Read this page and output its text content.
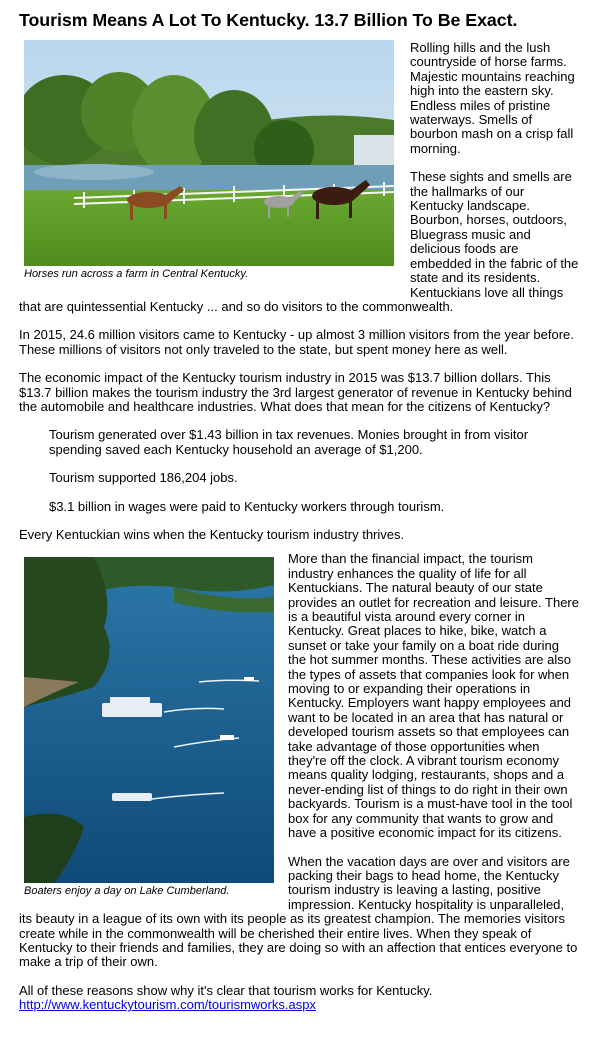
Tourism Means A Lot To Kentucky. 13.7 Billion To Be Exact.
Horses run across a farm in Central Kentucky.

Rolling hills and the lush countryside of horse farms. Majestic mountains reaching high into the eastern sky. Endless miles of pristine waterways. Smells of bourbon mash on a crisp fall morning.

These sights and smells are the hallmarks of our Kentucky landscape. Bourbon, horses, outdoors, Bluegrass music and delicious foods are embedded in the fabric of the state and its residents.

Kentuckians love all things that are quintessential Kentucky ... and so do visitors to the commonwealth.

In 2015, 24.6 million visitors came to Kentucky - up almost 3 million visitors from the year before. These millions of visitors not only traveled to the state, but spent money here as well.

The economic impact of the Kentucky tourism industry in 2015 was $13.7 billion dollars. This $13.7 billion makes the tourism industry the 3rd largest generator of revenue in Kentucky behind the automobile and healthcare industries. What does that mean for the citizens of Kentucky?

Tourism generated over $1.43 billion in tax revenues. Monies brought in from visitor spending saved each Kentucky household an average of $1,200.

Tourism supported 186,204 jobs.

$3.1 billion in wages were paid to Kentucky workers through tourism.

Every Kentuckian wins when the Kentucky tourism industry thrives.

Boaters enjoy a day on Lake Cumberland.

More than the financial impact, the tourism industry enhances the quality of life for all Kentuckians. The natural beauty of our state provides an outlet for recreation and leisure. There is a beautiful vista around every corner in Kentucky. Great places to hike, bike, watch a sunset or take your family on a boat ride during the hot summer months. These activities are also the types of assets that companies look for when moving to or expanding their operations in Kentucky. Employers want happy employees and want to be located in an area that has natural or developed tourism assets so that employees can take advantage of those opportunities when they're off the clock. A vibrant tourism economy means quality lodging, restaurants, shops and a never-ending list of things to do right in their own backyards. Tourism is a must-have tool in the tool box for any community that wants to grow and have a positive economic impact for its citizens.

When the vacation days are over and visitors are packing their bags to head home, the Kentucky tourism industry is leaving a lasting, positive impression. Kentucky hospitality is unparalleled, its beauty in a league of its own with its people as its greatest champion. The memories visitors create while in the commonwealth will be cherished their entire lives. When they speak of Kentucky to their friends and families, they are doing so with an affection that entices everyone to make a trip of their own.

All of these reasons show why it's clear that tourism works for Kentucky.

http://www.kentuckytourism.com/tourismworks.aspx
